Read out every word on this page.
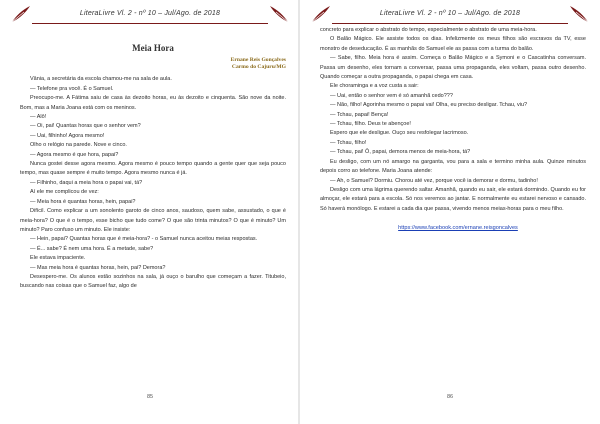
LiteraLivre Vl. 2 - nº 10 – Jul/Ago. de 2018
Meia Hora
Ernane Reis Gonçalves
Carmo do Cajuru/MG

Vânia, a secretária da escola chamou-me na sala de aula.

— Telefone pra você. É o Samuel.

Preocupo-me. A Fátima saiu de casa às dezoito horas, eu às dezoito e cinquenta. São nove da noite. Bom, mas a Maria Joana está com os meninos.

— Alô!

— Oi, pai! Quantas horas que o senhor vem?

— Uai, filhinho! Agora mesmo!

Olho o relógio na parede. Nove e cinco.

— Agora mesmo é que hora, papai?

Nunca gostei desse agora mesmo. Agora mesmo é pouco tempo quando a gente quer que seja pouco tempo, mas quase sempre é muito tempo. Agora mesmo nunca é já.

— Filhinho, daqui a meia hora o papai vai, tá?

Aí ele me complicou de vez:

— Meia hora é quantas horas, hein, papai?

Difícil. Como explicar a um sonolento garoto de cinco anos, saudoso, quem sabe, assustado, o que é meia-hora? O que é o tempo, esse bicho que tudo come? O que são trinta minutos? O que é minuto? Um minuto? Paro confuso um minuto. Ele insiste:

— Hein, papai? Quantas horas que é meia-hora? - o Samuel nunca aceitou meias respostas.

— É... sabe? É nem uma hora. É a metade, sabe?

Ele estava impaciente.

— Mas meia hora é quantas horas, hein, pai? Demora?

Desespero-me. Os alunos estão sozinhos na sala, já ouço o barulho que começam a fazer. Titubeio, buscando nas coisas que o Samuel faz, algo de

85
LiteraLivre Vl. 2 - nº 10 – Jul/Ago. de 2018

concreto para explicar o abstrato do tempo, especialmente o abstrato de uma meia-hora.

O Balão Mágico. Ele assiste todos os dias. Infelizmente os meus filhos são escravos da TV, esse monstro de deseducação. É as manhãs do Samuel ele as passa com a turma do balão.

— Sabe, filho. Meia hora é assim. Começa o Balão Mágico e a Symoni e o Cascatinha conversam. Passa um desenho, eles tornam a conversar, passa uma propaganda, eles voltam, passa outro desenho. Quando começar a outra propaganda, o papai chega em casa.

Ele choraminga e a voz custa a sair:

— Uai, então o senhor vem é só amanhã cedo???

— Não, filho! Agorinha mesmo o papai vai! Olha, eu preciso desligar. Tchau, viu?

— Tchau, papai! Bença!

— Tchau, filho. Deus te abençoe!

Espero que ele desligue. Ouço seu resfolegar lacrimoso.

— Tchau, filho!

— Tchau, pai! Ô, papai, demora menos de meia-hora, tá?

Eu desligo, com um nó amargo na garganta, vou para a sala e termino minha aula. Quinze minutos depois corro ao telefone. Maria Joana atende:

— Ah, o Samuel? Dormiu. Chorou até vez, porque você ia demorar e dormu, tadinho!

Desligo com uma lágrima querendo saltar. Amanhã, quando eu sair, ele estará dormindo. Quando eu for almoçar, ele estará para a escola. Só nos veremos ao jantar. E normalmente eu estarei nervoso e cansado. Só haverá monólogo. E estarei a cada dia que passa, vivendo menos meias-horas para o meu filho.

https://www.facebook.com/ernane.reisgoncalves

86
